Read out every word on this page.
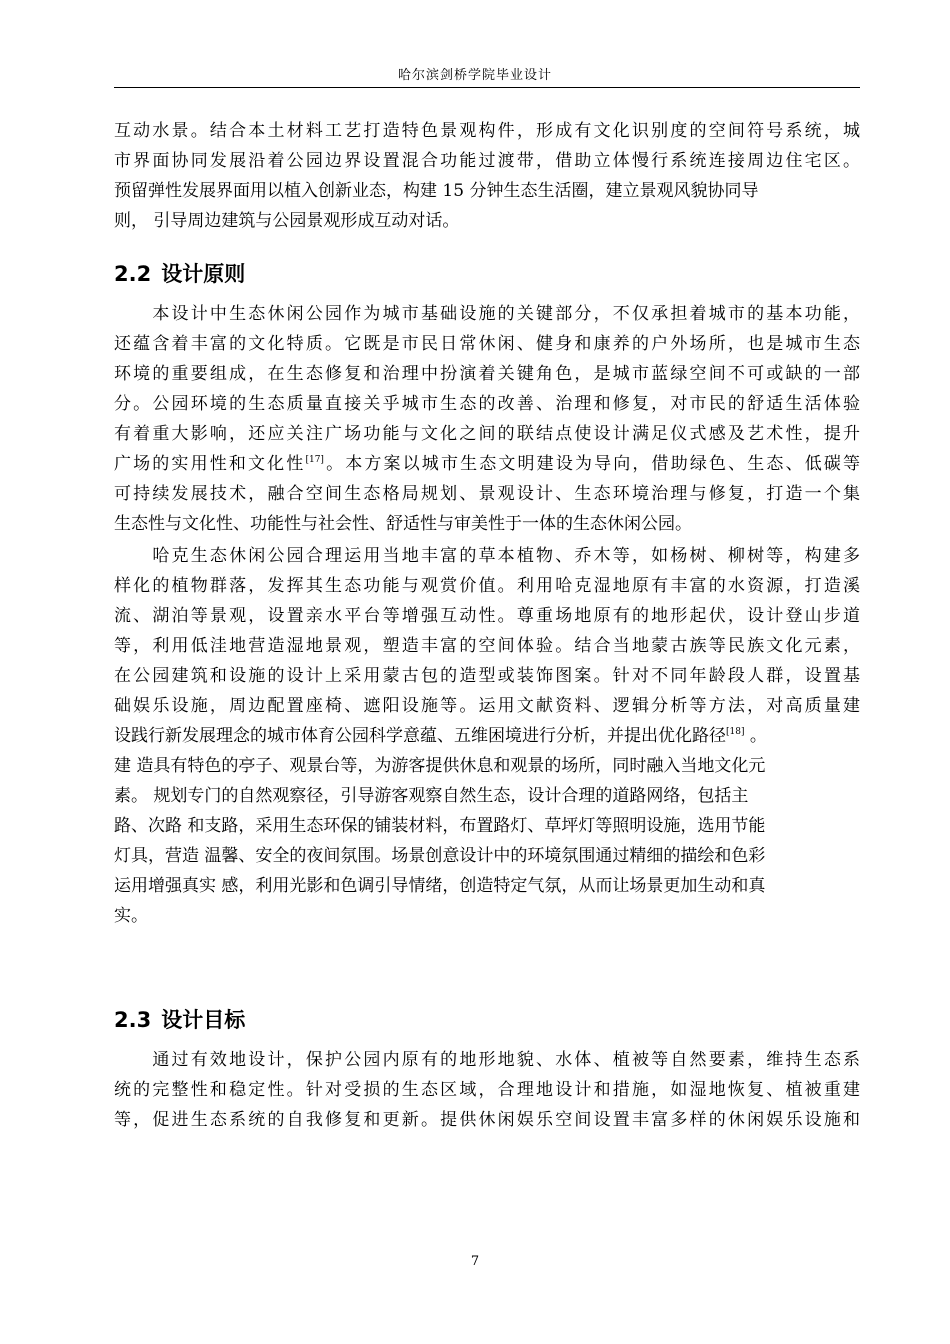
哈尔滨剑桥学院毕业设计
互动水景。结合本土材料工艺打造特色景观构件，形成有文化识别度的空间符号系统，城
市界面协同发展沿着公园边界设置混合功能过渡带，借助立体慢行系统连接周边住宅区。
预留弹性发展界面用以植入创新业态，构建 15 分钟生态生活圈，建立景观风貌协同导
则， 引导周边建筑与公园景观形成互动对话。
2.2 设计原则
　　本设计中生态休闲公园作为城市基础设施的关键部分，不仅承担着城市的基本功能，
还蕴含着丰富的文化特质。它既是市民日常休闲、健身和康养的户外场所，也是城市生态
环境的重要组成，在生态修复和治理中扮演着关键角色，是城市蓝绿空间不可或缺的一部
分。公园环境的生态质量直接关乎城市生态的改善、治理和修复，对市民的舒适生活体验
有着重大影响，还应关注广场功能与文化之间的联结点使设计满足仪式感及艺术性，提升
广场的实用性和文化性[17]。本方案以城市生态文明建设为导向，借助绿色、生态、低碳等
可持续发展技术，融合空间生态格局规划、景观设计、生态环境治理与修复，打造一个集
生态性与文化性、功能性与社会性、舒适性与审美性于一体的生态休闲公园。
　　哈克生态休闲公园合理运用当地丰富的草本植物、乔木等，如杨树、柳树等，构建多
样化的植物群落，发挥其生态功能与观赏价值。利用哈克湿地原有丰富的水资源，打造溪
流、湖泊等景观，设置亲水平台等增强互动性。尊重场地原有的地形起伏，设计登山步道
等，利用低洼地营造湿地景观，塑造丰富的空间体验。结合当地蒙古族等民族文化元素，
在公园建筑和设施的设计上采用蒙古包的造型或装饰图案。针对不同年龄段人群，设置基
础娱乐设施，周边配置座椅、遮阳设施等。运用文献资料、逻辑分析等方法，对高质量建
设践行新发展理念的城市体育公园科学意蕴、五维困境进行分析，并提出优化路径[18] 。
建 造具有特色的亭子、观景台等，为游客提供休息和观景的场所，同时融入当地文化元
素。 规划专门的自然观察径，引导游客观察自然生态，设计合理的道路网络，包括主
路、次路 和支路，采用生态环保的铺装材料，布置路灯、草坪灯等照明设施，选用节能
灯具，营造 温馨、安全的夜间氛围。场景创意设计中的环境氛围通过精细的描绘和色彩
运用增强真实 感，利用光影和色调引导情绪，创造特定气氛，从而让场景更加生动和真
实。
2.3 设计目标
　　通过有效地设计，保护公园内原有的地形地貌、水体、植被等自然要素，维持生态系
统的完整性和稳定性。针对受损的生态区域，合理地设计和措施，如湿地恢复、植被重建
等，促进生态系统的自我修复和更新。提供休闲娱乐空间设置丰富多样的休闲娱乐设施和
7
